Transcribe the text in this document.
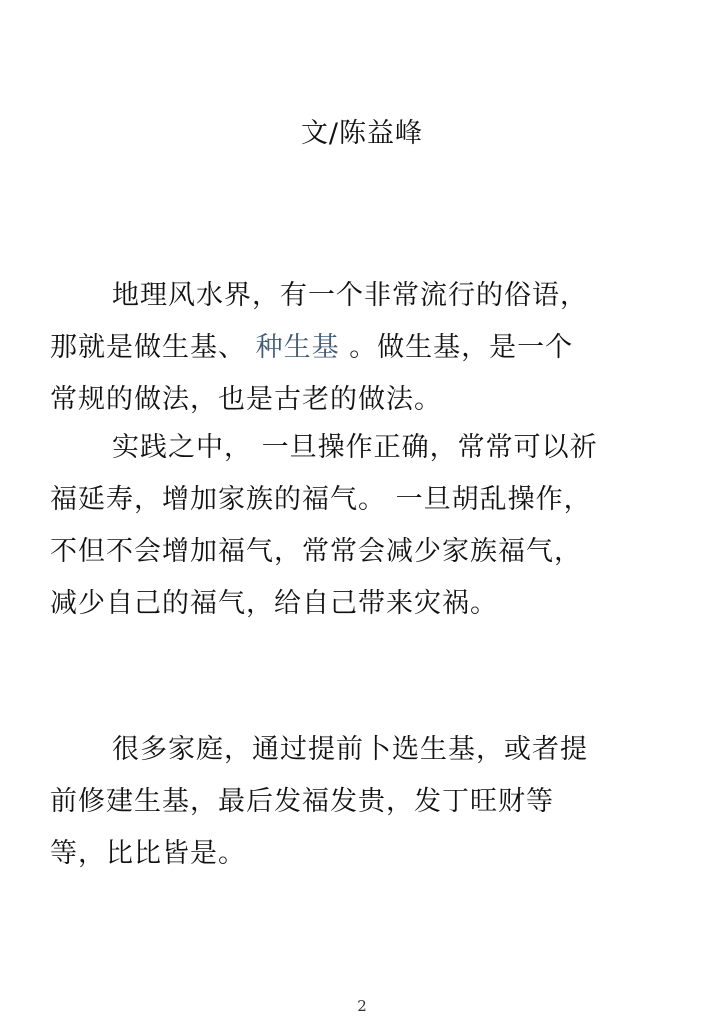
文/陈益峰
地理风水界，有一个非常流行的俗语，
那就是做生基、 种生基 。做生基，是一个
常规的做法，也是古老的做法。
实践之中， 一旦操作正确，常常可以祈
福延寿，增加家族的福气。 一旦胡乱操作，
不但不会增加福气，常常会减少家族福气，
减少自己的福气，给自己带来灾祸。
很多家庭，通过提前卜选生基，或者提
前修建生基，最后发福发贵，发丁旺财等
等，比比皆是。
2
